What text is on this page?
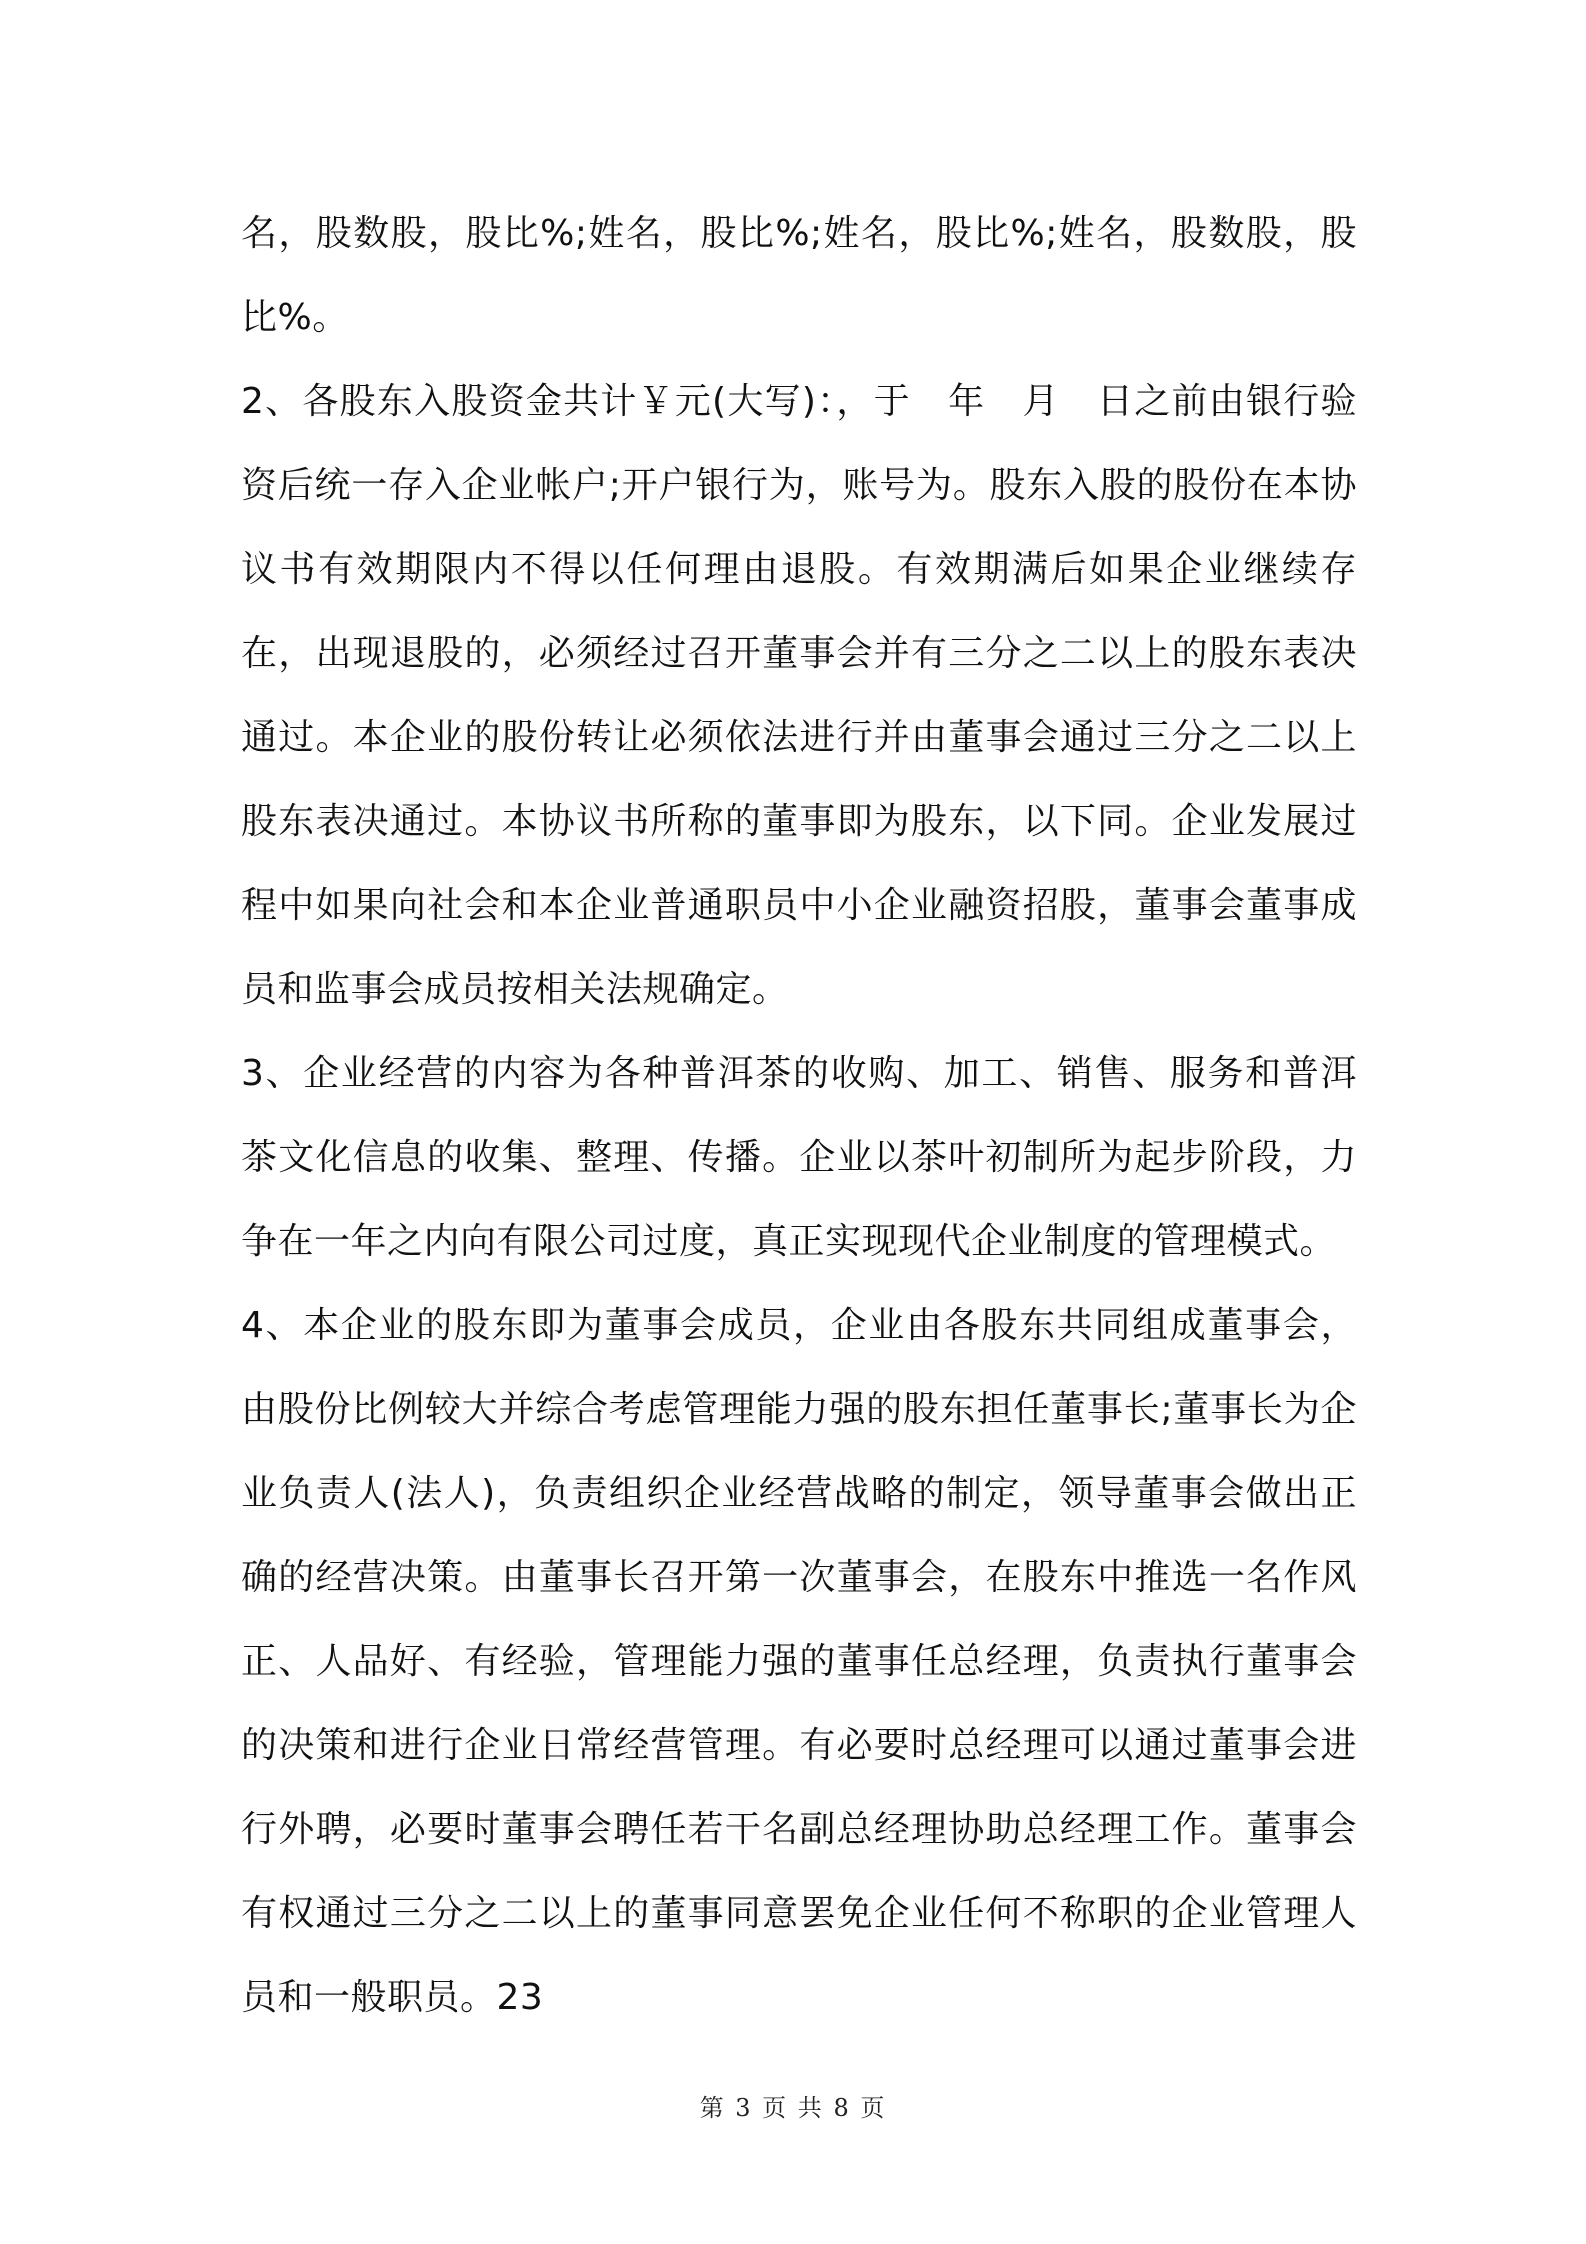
名，股数股，股比%;姓名，股比%;姓名，股比%;姓名，股数股，股比%。

2、各股东入股资金共计￥元(大写)：，于　年　月　日之前由银行验资后统一存入企业帐户;开户银行为，账号为。股东入股的股份在本协议书有效期限内不得以任何理由退股。有效期满后如果企业继续存在，出现退股的，必须经过召开董事会并有三分之二以上的股东表决通过。本企业的股份转让必须依法进行并由董事会通过三分之二以上股东表决通过。本协议书所称的董事即为股东，以下同。企业发展过程中如果向社会和本企业普通职员中小企业融资招股，董事会董事成员和监事会成员按相关法规确定。

3、企业经营的内容为各种普洱茶的收购、加工、销售、服务和普洱茶文化信息的收集、整理、传播。企业以茶叶初制所为起步阶段，力争在一年之内向有限公司过度，真正实现现代企业制度的管理模式。

4、本企业的股东即为董事会成员，企业由各股东共同组成董事会，由股份比例较大并综合考虑管理能力强的股东担任董事长;董事长为企业负责人(法人)，负责组织企业经营战略的制定，领导董事会做出正确的经营决策。由董事长召开第一次董事会，在股东中推选一名作风正、人品好、有经验，管理能力强的董事任总经理，负责执行董事会的决策和进行企业日常经营管理。有必要时总经理可以通过董事会进行外聘，必要时董事会聘任若干名副总经理协助总经理工作。董事会有权通过三分之二以上的董事同意罢免企业任何不称职的企业管理人员和一般职员。23

第 3 页 共 8 页
